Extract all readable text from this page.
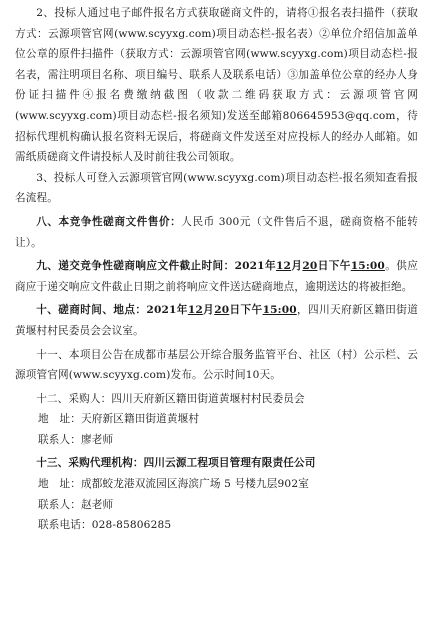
2、投标人通过电子邮件报名方式获取磋商文件的，请将①报名表扫描件（获取方式：云源项管官网(www.scyyxg.com)项目动态栏-报名表）②单位介绍信加盖单位公章的原件扫描件（获取方式：云源项管官网(www.scyyxg.com)项目动态栏-报名表，需注明项目名称、项目编号、联系人及联系电话）③加盖单位公章的经办人身份证扫描件④报名费缴纳截图（收款二维码获取方式：云源项管官网(www.scyyxg.com)项目动态栏-报名须知)发送至邮箱806645953@qq.com，待招标代理机构确认报名资料无误后，将磋商文件发送至对应投标人的经办人邮箱。如需纸质磋商文件请投标人及时前往我公司领取。

3、投标人可登入云源项管官网(www.scyyxg.com)项目动态栏-报名须知查看报名流程。

八、本竞争性磋商文件售价：人民币 300元（文件售后不退，磋商资格不能转让）。

九、递交竞争性磋商响应文件截止时间：2021年12月20日下午15:00。供应商应于递交响应文件截止日期之前将响应文件送达磋商地点，逾期送达的将被拒绝。

十、磋商时间、地点：2021年12月20日下午15:00，四川天府新区籍田街道黄堰村村民委员会会议室。

十一、本项目公告在成都市基层公开综合服务监管平台、社区（村）公示栏、云源项管官网(www.scyyxg.com)发布。公示时间10天。

十二、采购人：四川天府新区籍田街道黄堰村村民委员会

地　址：天府新区籍田街道黄堰村

联系人：廖老师

十三、采购代理机构：四川云源工程项目管理有限责任公司

地　址：成都蛟龙港双流园区海滨广场 5 号楼九层902室

联系人：赵老师

联系电话：028-85806285
